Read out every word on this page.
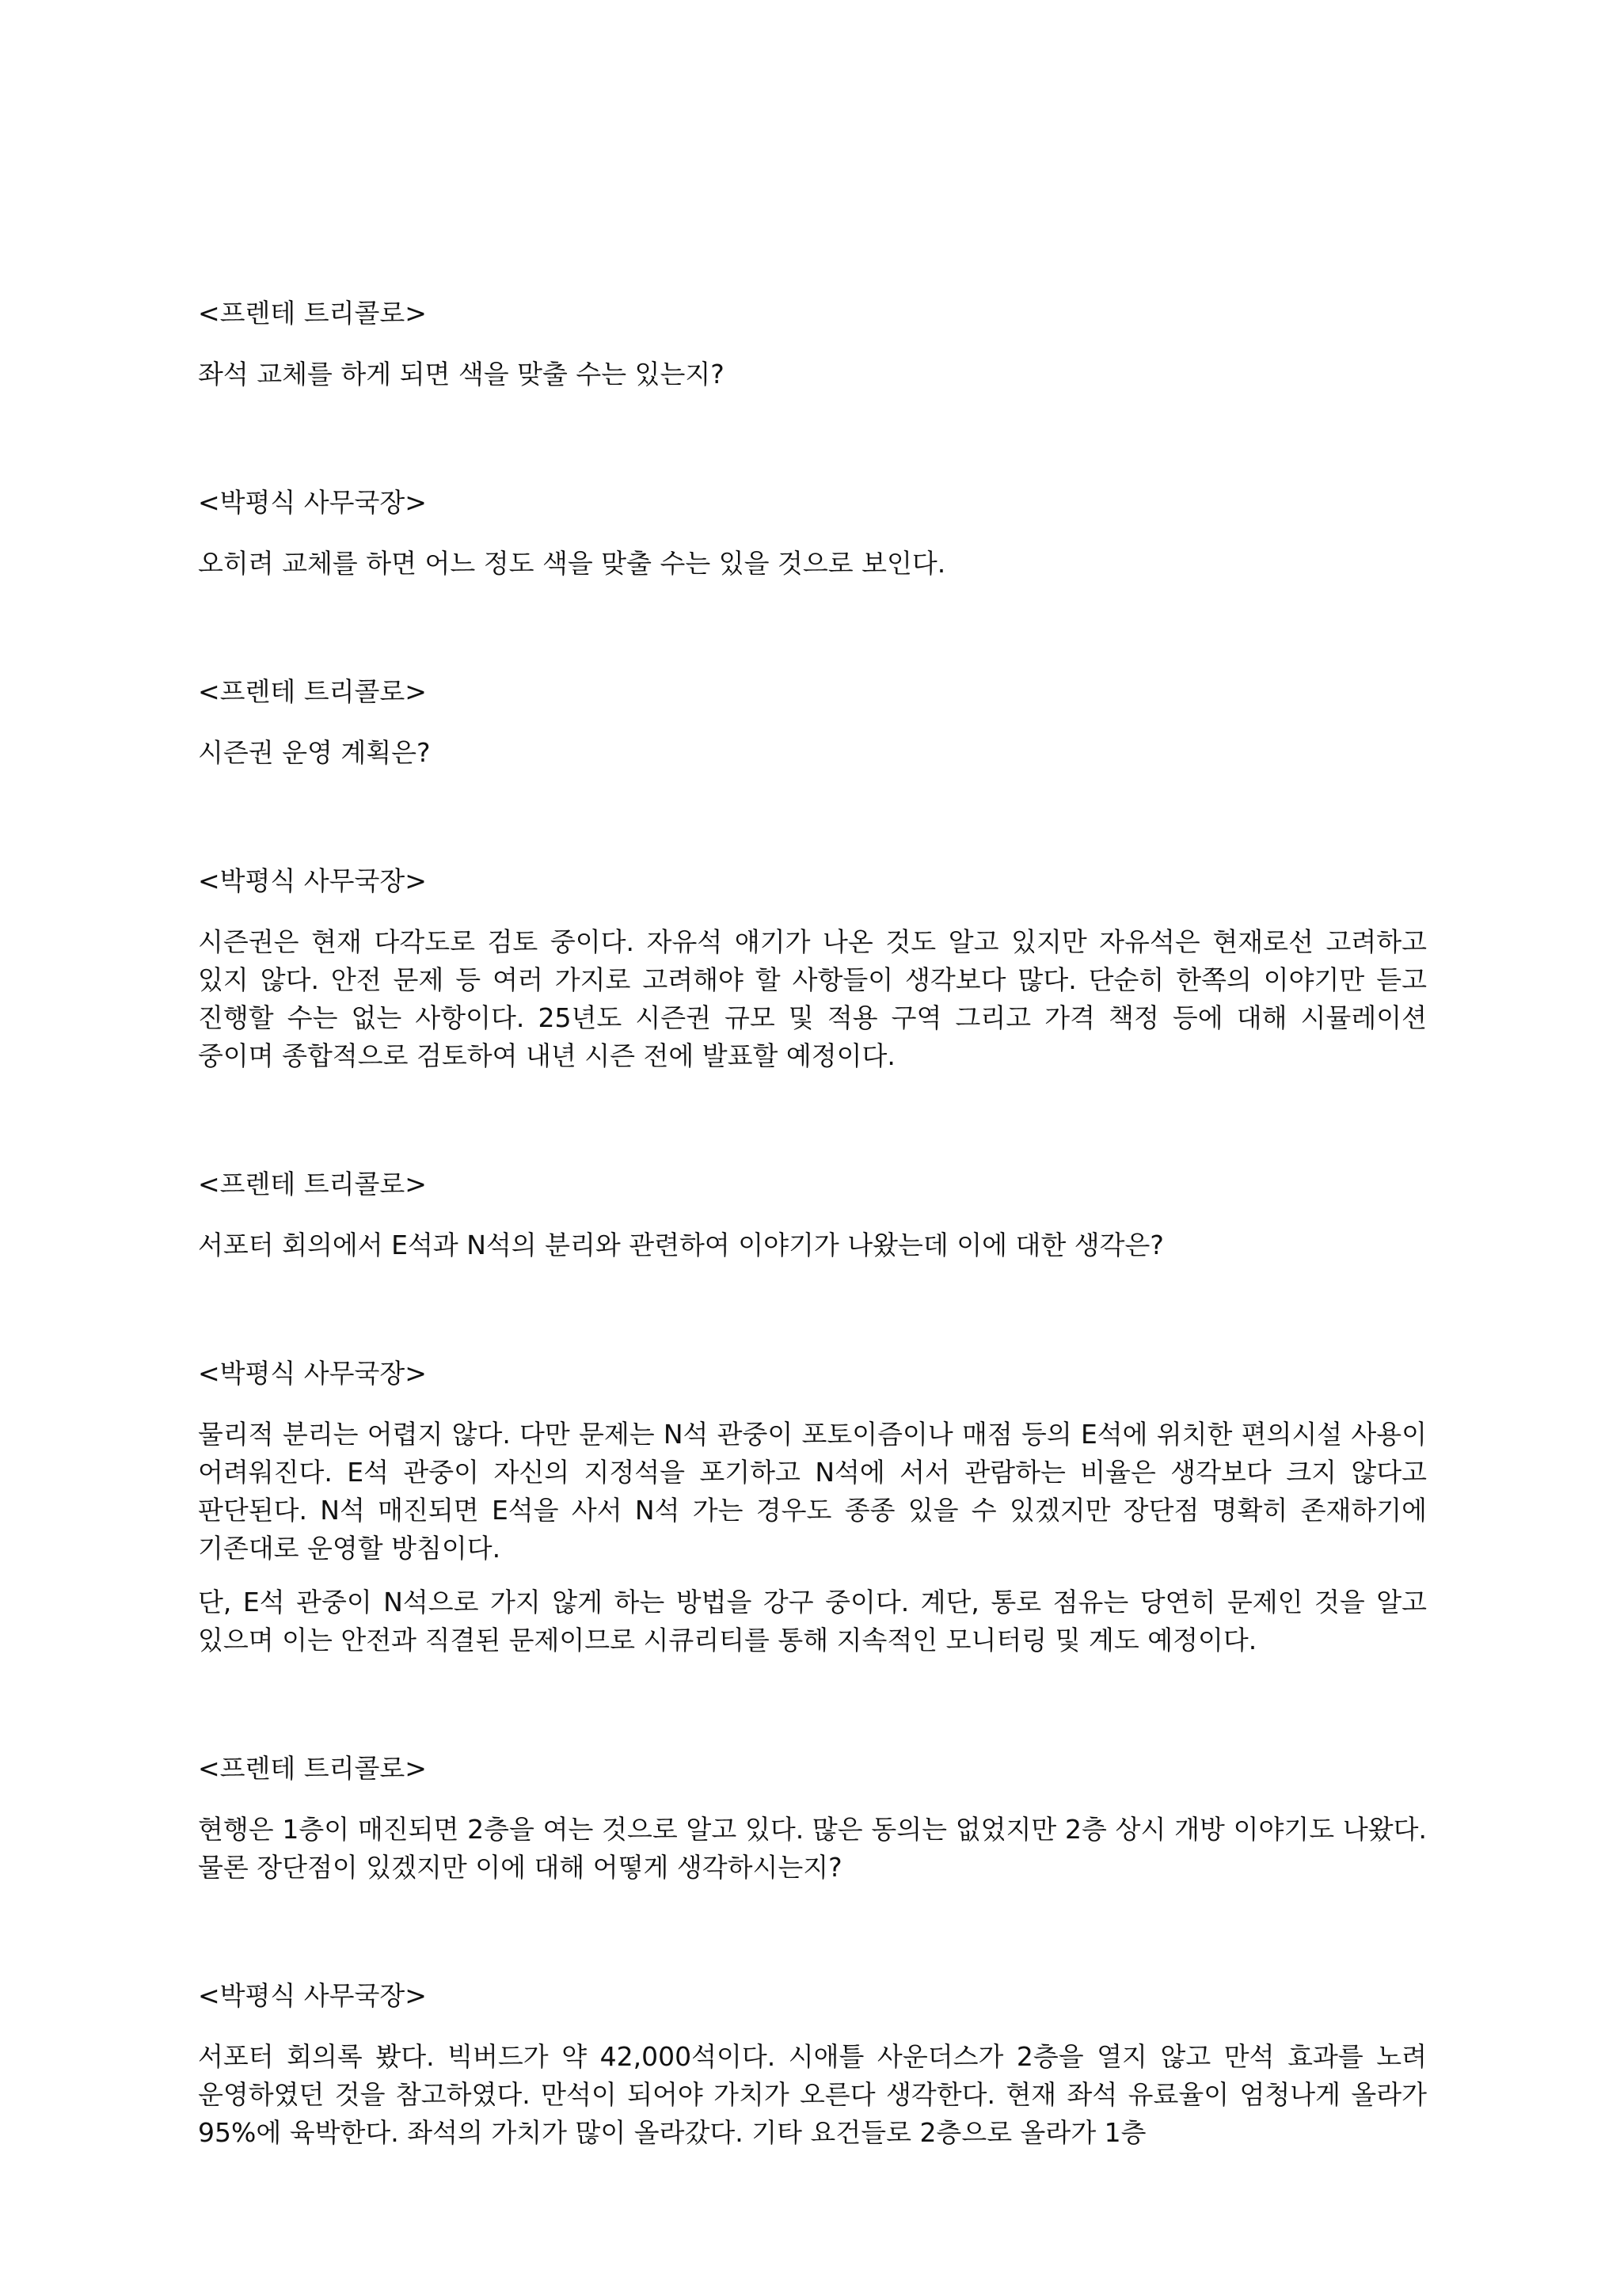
<프렌테 트리콜로>

좌석 교체를 하게 되면 색을 맞출 수는 있는지?

<박평식 사무국장>

오히려 교체를 하면 어느 정도 색을 맞출 수는 있을 것으로 보인다.

<프렌테 트리콜로>

시즌권 운영 계획은?

<박평식 사무국장>

시즌권은 현재 다각도로 검토 중이다. 자유석 얘기가 나온 것도 알고 있지만 자유석은 현재로선 고려하고 있지 않다. 안전 문제 등 여러 가지로 고려해야 할 사항들이 생각보다 많다. 단순히 한쪽의 이야기만 듣고 진행할 수는 없는 사항이다. 25년도 시즌권 규모 및 적용 구역 그리고 가격 책정 등에 대해 시뮬레이션 중이며 종합적으로 검토하여 내년 시즌 전에 발표할 예정이다.

<프렌테 트리콜로>

서포터 회의에서 E석과 N석의 분리와 관련하여 이야기가 나왔는데 이에 대한 생각은?

<박평식 사무국장>

물리적 분리는 어렵지 않다. 다만 문제는 N석 관중이 포토이즘이나 매점 등의 E석에 위치한 편의시설 사용이 어려워진다. E석 관중이 자신의 지정석을 포기하고 N석에 서서 관람하는 비율은 생각보다 크지 않다고 판단된다. N석 매진되면 E석을 사서 N석 가는 경우도 종종 있을 수 있겠지만 장단점 명확히 존재하기에 기존대로 운영할 방침이다.

단, E석 관중이 N석으로 가지 않게 하는 방법을 강구 중이다. 계단, 통로 점유는 당연히 문제인 것을 알고 있으며 이는 안전과 직결된 문제이므로 시큐리티를 통해 지속적인 모니터링 및 계도 예정이다.

<프렌테 트리콜로>

현행은 1층이 매진되면 2층을 여는 것으로 알고 있다. 많은 동의는 없었지만 2층 상시 개방 이야기도 나왔다. 물론 장단점이 있겠지만 이에 대해 어떻게 생각하시는지?

<박평식 사무국장>

서포터 회의록 봤다. 빅버드가 약 42,000석이다. 시애틀 사운더스가 2층을 열지 않고 만석 효과를 노려 운영하였던 것을 참고하였다. 만석이 되어야 가치가 오른다 생각한다. 현재 좌석 유료율이 엄청나게 올라가 95%에 육박한다. 좌석의 가치가 많이 올라갔다. 기타 요건들로 2층으로 올라가 1층
